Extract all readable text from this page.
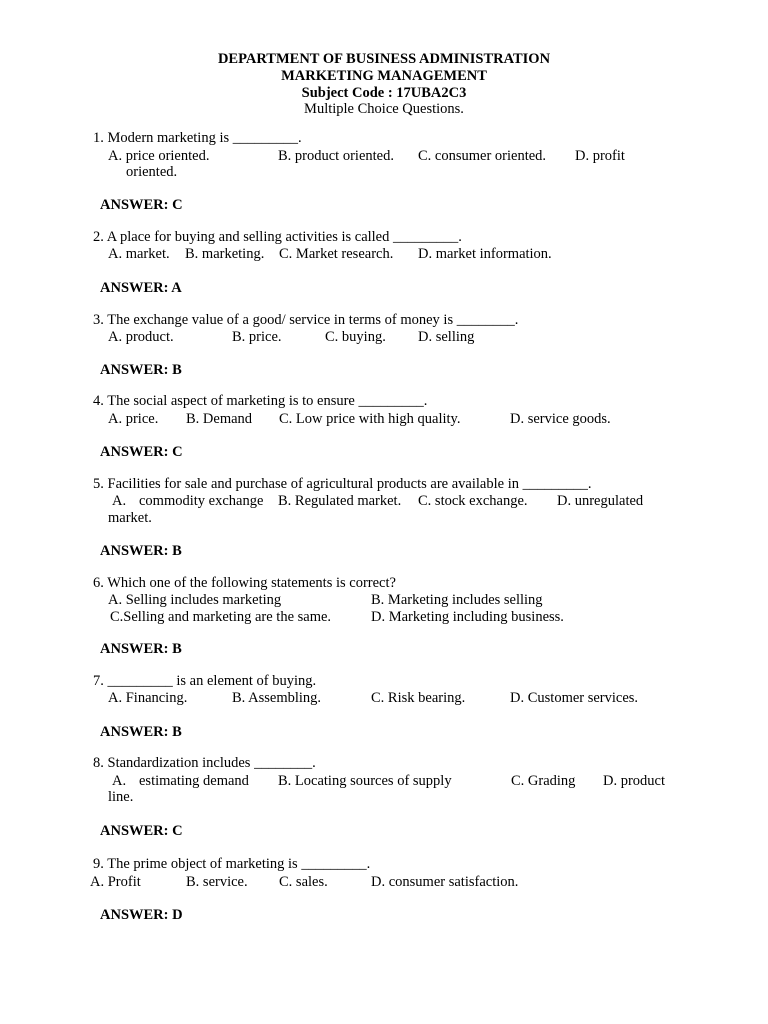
DEPARTMENT OF BUSINESS ADMINISTRATION
MARKETING MANAGEMENT
Subject Code : 17UBA2C3
Multiple Choice Questions.
1. Modern marketing is _________.
A. price oriented.	B. product oriented. C. consumer oriented. D. profit
oriented.
ANSWER: C
2. A place for buying and selling activities is called _________.
A. market. B. marketing. C. Market research. D. market information.
ANSWER: A
3. The exchange value of a good/ service in terms of money is ________.
A. product.	B. price.	C. buying. D. selling
ANSWER: B
4. The social aspect of marketing is to ensure _________.
A. price. B. Demand C. Low price with high quality.	D. service goods.
ANSWER: C
5. Facilities for sale and purchase of agricultural products are available in _________.
A. commodity exchange B. Regulated market. C. stock exchange. D. unregulated
market.
ANSWER: B
6. Which one of the following statements is correct?
A. Selling includes marketing	B. Marketing includes selling
C.Selling and marketing are the same.	D. Marketing including business.
ANSWER: B
7. _________ is an element of buying.
A. Financing.	B. Assembling.	C. Risk bearing.	D. Customer services.
ANSWER: B
8. Standardization includes ________.
A. estimating demand B. Locating sources of supply	C. Grading D. product
line.
ANSWER: C
9. The prime object of marketing is _________.
A. Profit	B. service. C. sales.	D. consumer satisfaction.
ANSWER: D
